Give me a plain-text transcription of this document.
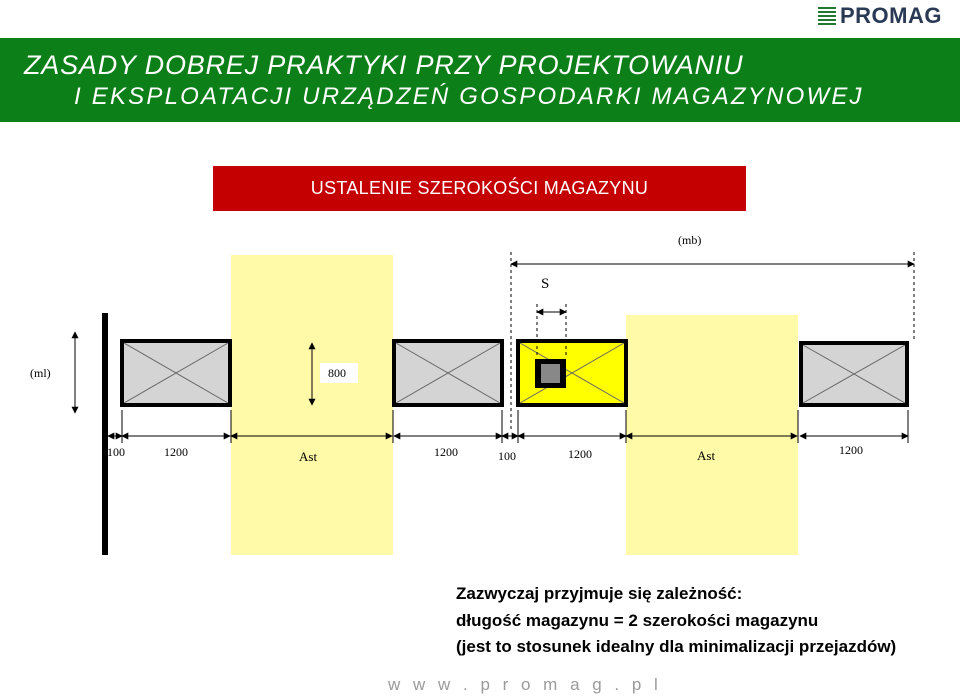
PROMAG
ZASADY DOBREJ PRAKTYKI PRZY PROJEKTOWANIU
I EKSPLOATACJI URZĄDZEŃ GOSPODARKI MAGAZYNOWEJ
USTALENIE SZEROKOŚCI MAGAZYNU
(mb)
S
(ml)	800
100	1200	Ast	1200	100	1200	Ast	1200
Zazwyczaj przyjmuje się zależność:
długość magazynu = 2 szerokości magazynu
(jest to stosunek idealny dla minimalizacji przejazdów)
w w w . p r o m a g . p l
